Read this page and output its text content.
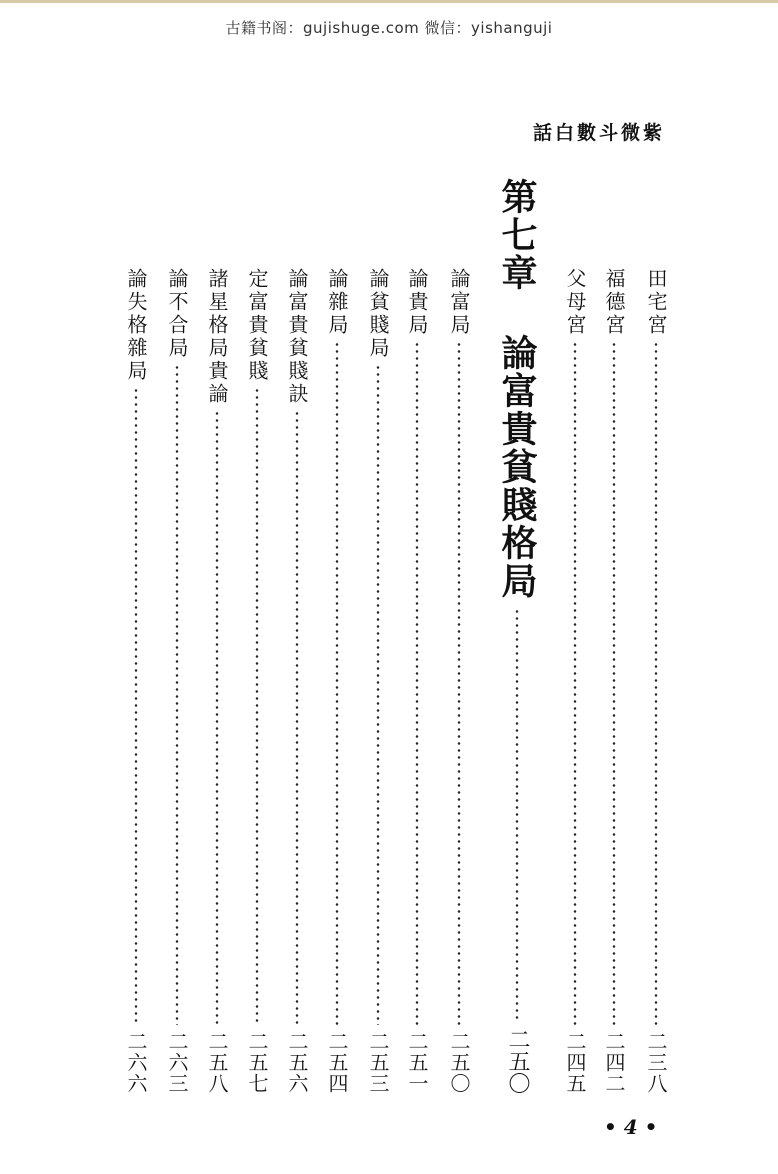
古籍书阁：gujishuge.com 微信：yishanguji
紫微斗數白話
田宅宮
二三八
福德宮
二四二
父母宮
二四五
第七章
論富貴貧賤格局
二五〇
論富局
二五〇
論貴局
二五一
論貧賤局
二五三
論雜局
二五四
論富貴貧賤訣
二五六
定富貴貧賤
二五七
諸星格局貴論
二五八
論不合局
二六三
論失格雜局
二六六
• 4 •
